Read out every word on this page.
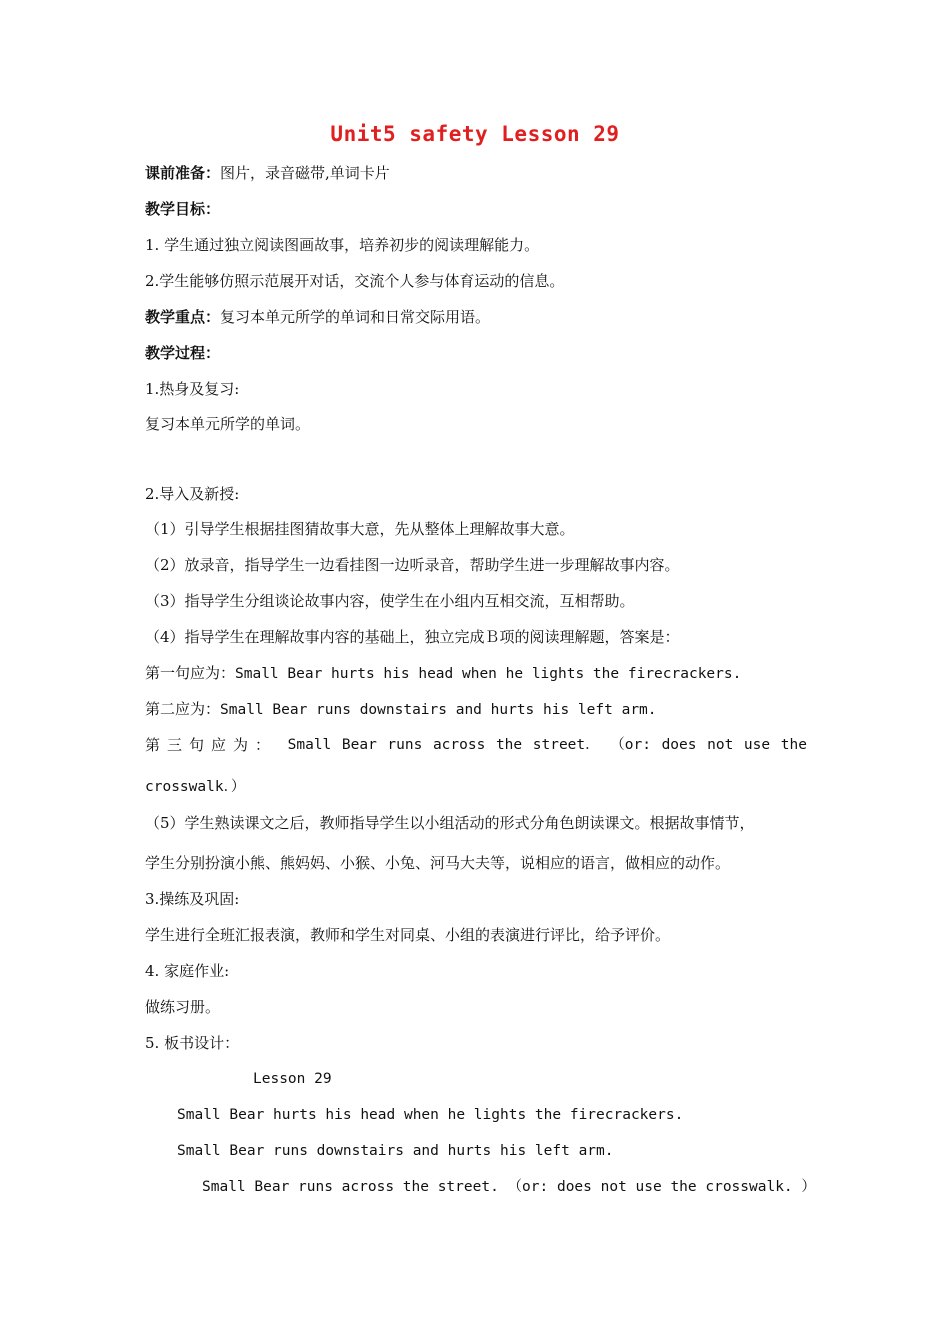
Unit5 safety Lesson 29
课前准备：图片，录音磁带,单词卡片
教学目标：
1. 学生通过独立阅读图画故事，培养初步的阅读理解能力。
2.学生能够仿照示范展开对话，交流个人参与体育运动的信息。
教学重点：复习本单元所学的单词和日常交际用语。
教学过程：
1.热身及复习:
复习本单元所学的单词。
2.导入及新授:
（1）引导学生根据挂图猜故事大意，先从整体上理解故事大意。
（2）放录音，指导学生一边看挂图一边听录音，帮助学生进一步理解故事内容。
（3）指导学生分组谈论故事内容，使学生在小组内互相交流，互相帮助。
（4）指导学生在理解故事内容的基础上，独立完成Ｂ项的阅读理解题，答案是：
第一句应为：Small Bear hurts his head when he lights the firecrackers.
第二应为：Small Bear runs downstairs and hurts his left arm.
第三句应为： Small Bear runs across the street． （or: does not use the
crosswalk．）
（5）学生熟读课文之后，教师指导学生以小组活动的形式分角色朗读课文。根据故事情节，
学生分别扮演小熊、熊妈妈、小猴、小兔、河马大夫等，说相应的语言，做相应的动作。
3.操练及巩固:
学生进行全班汇报表演，教师和学生对同桌、小组的表演进行评比，给予评价。
4. 家庭作业:
做练习册。
5. 板书设计：
Lesson 29
Small Bear hurts his head when he lights the firecrackers.
Small Bear runs downstairs and hurts his left arm.
Small Bear runs across the street. （or: does not use the crosswalk. ）
